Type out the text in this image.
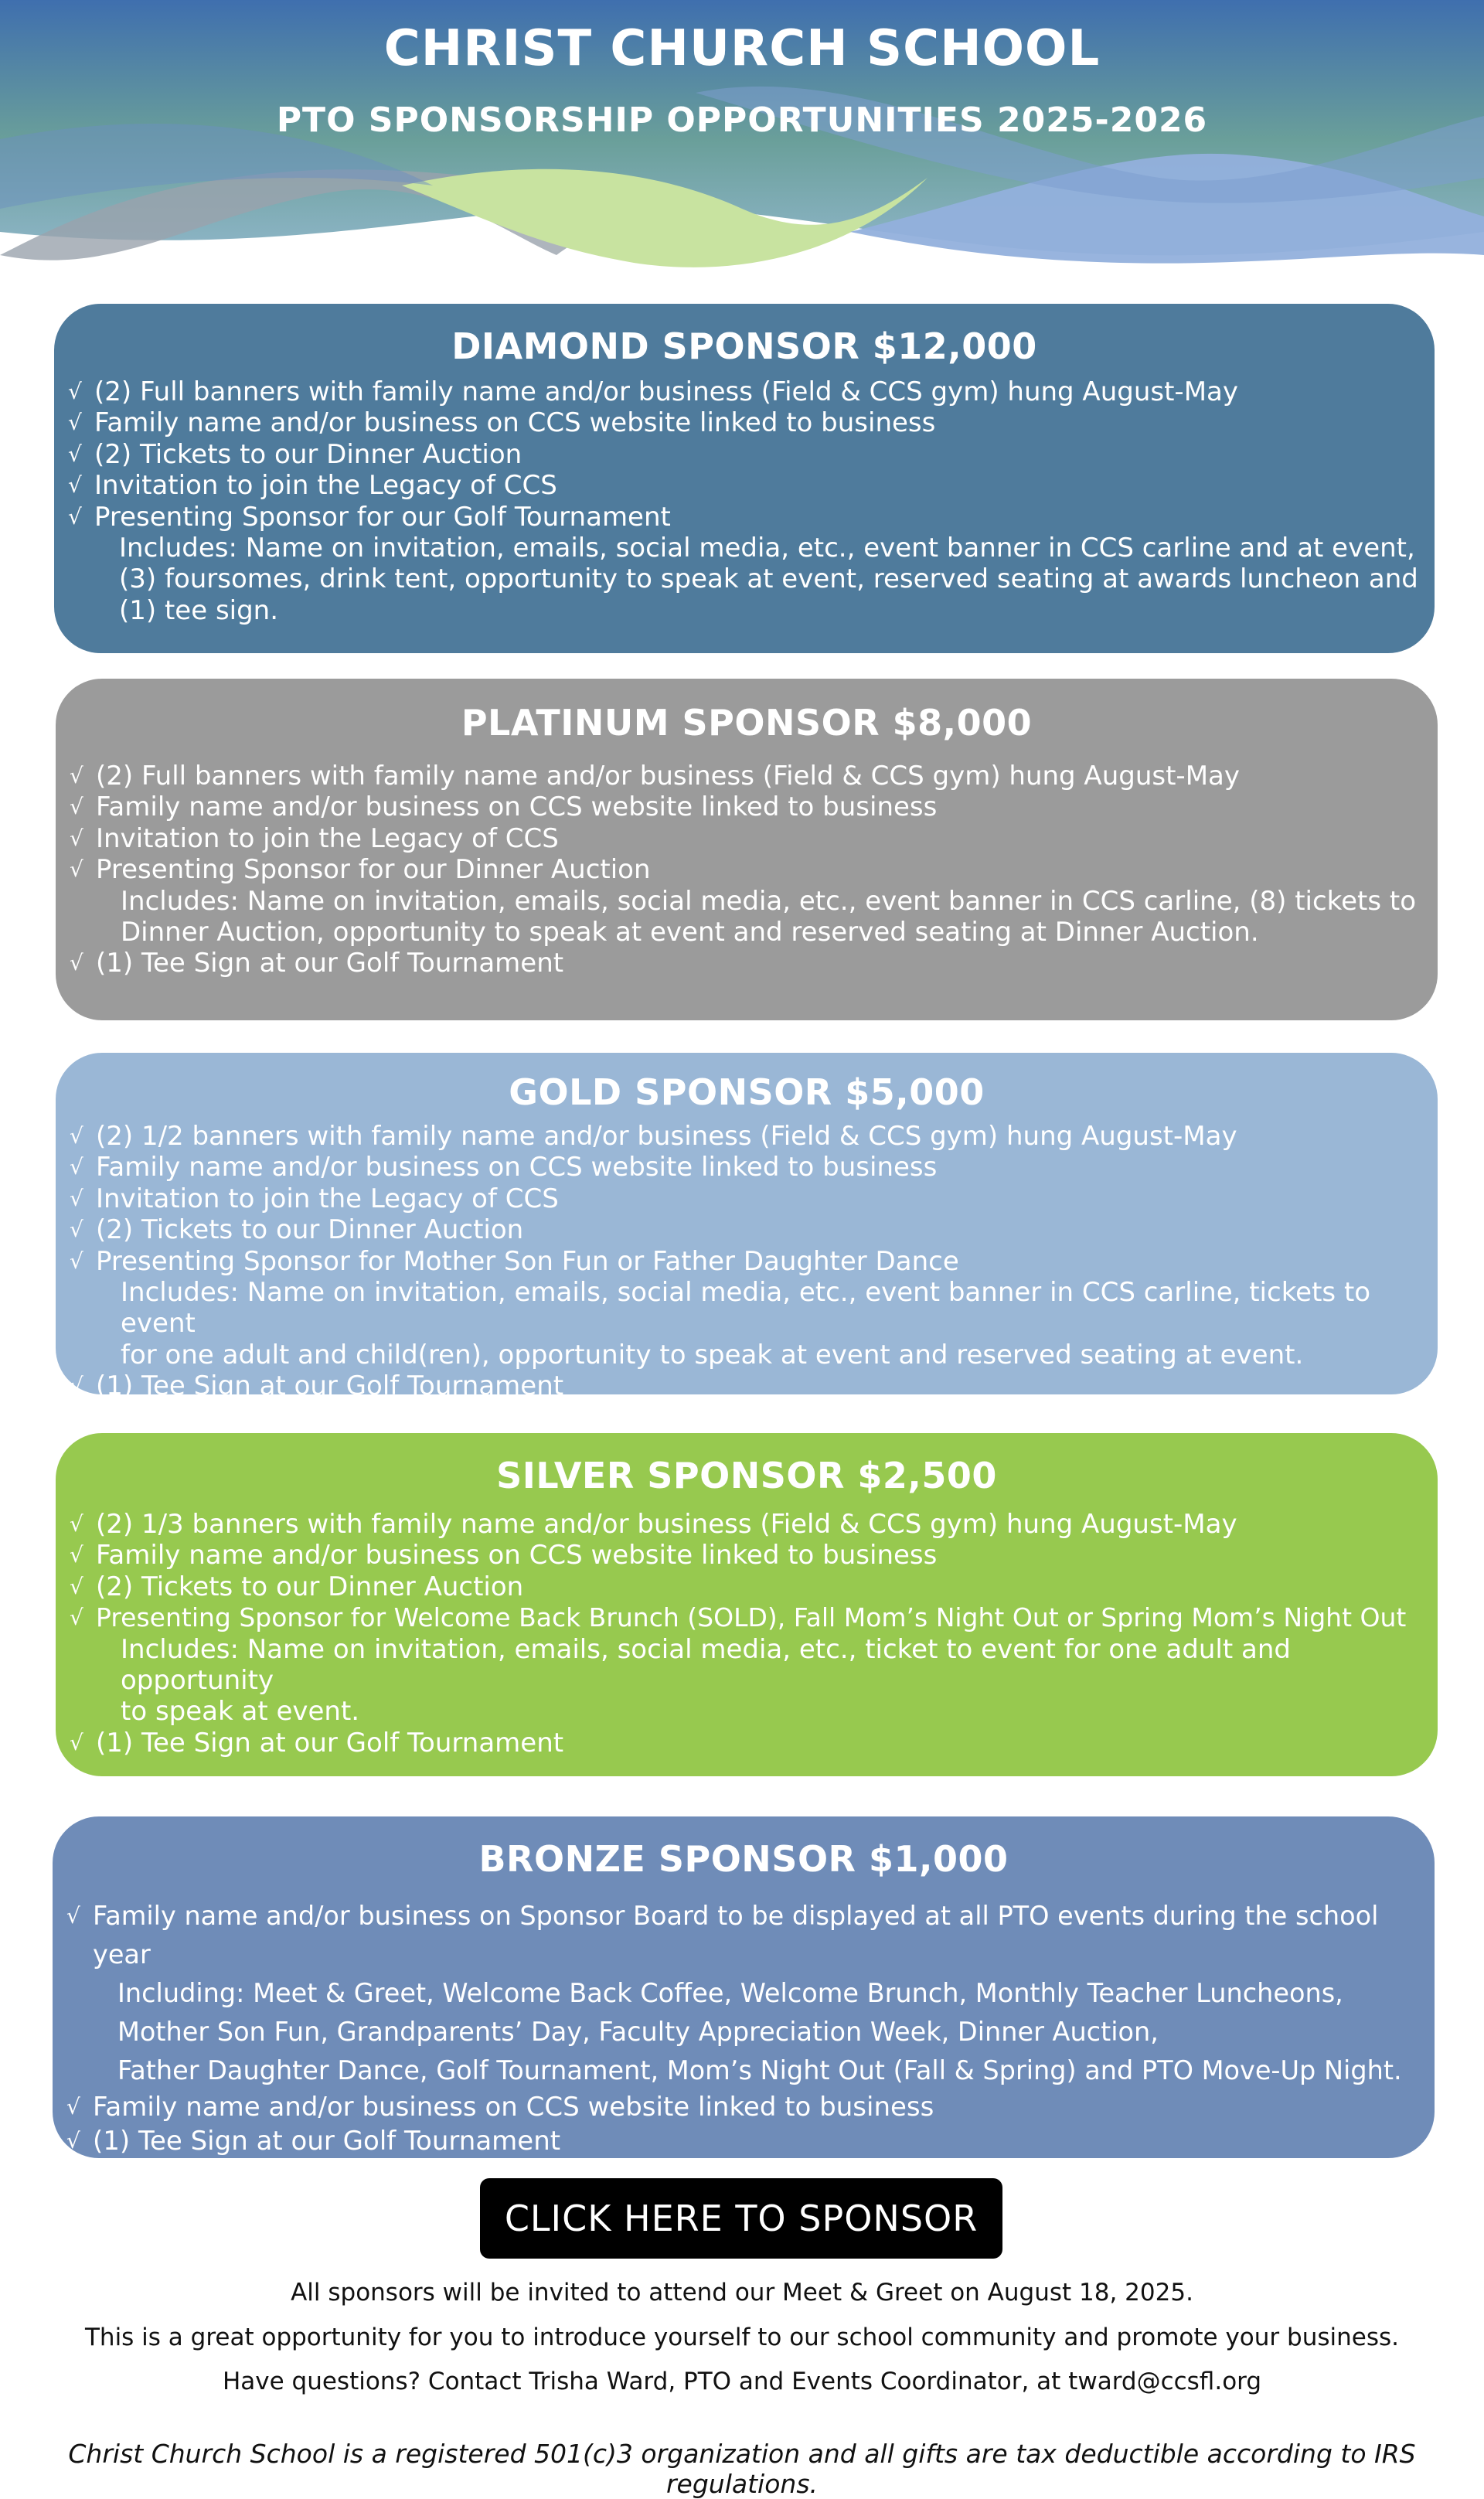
CHRIST CHURCH SCHOOL
PTO SPONSORSHIP OPPORTUNITIES 2025-2026
DIAMOND SPONSOR $12,000
√ (2) Full banners with family name and/or business (Field & CCS gym) hung August-May
√ Family name and/or business on CCS website linked to business
√ (2) Tickets to our Dinner Auction
√ Invitation to join the Legacy of CCS
√ Presenting Sponsor for our Golf Tournament
Includes: Name on invitation, emails, social media, etc., event banner in CCS carline and at event,
(3) foursomes, drink tent, opportunity to speak at event, reserved seating at awards luncheon and
(1) tee sign.
PLATINUM SPONSOR $8,000
√ (2) Full banners with family name and/or business (Field & CCS gym) hung August-May
√ Family name and/or business on CCS website linked to business
√ Invitation to join the Legacy of CCS
√ Presenting Sponsor for our Dinner Auction
Includes: Name on invitation, emails, social media, etc., event banner in CCS carline, (8) tickets to
Dinner Auction, opportunity to speak at event and reserved seating at Dinner Auction.
√ (1) Tee Sign at our Golf Tournament
GOLD SPONSOR $5,000
√ (2) 1/2 banners with family name and/or business (Field & CCS gym) hung August-May
√ Family name and/or business on CCS website linked to business
√ Invitation to join the Legacy of CCS
√ (2) Tickets to our Dinner Auction
√ Presenting Sponsor for Mother Son Fun or Father Daughter Dance
Includes: Name on invitation, emails, social media, etc., event banner in CCS carline, tickets to event
for one adult and child(ren), opportunity to speak at event and reserved seating at event.
√ (1) Tee Sign at our Golf Tournament
SILVER SPONSOR $2,500
√ (2) 1/3 banners with family name and/or business (Field & CCS gym) hung August-May
√ Family name and/or business on CCS website linked to business
√ (2) Tickets to our Dinner Auction
√ Presenting Sponsor for Welcome Back Brunch (SOLD), Fall Mom’s Night Out or Spring Mom’s Night Out
Includes: Name on invitation, emails, social media, etc., ticket to event for one adult and opportunity
to speak at event.
√ (1) Tee Sign at our Golf Tournament
BRONZE SPONSOR $1,000
√ Family name and/or business on Sponsor Board to be displayed at all PTO events during the school year
Including: Meet & Greet, Welcome Back Coffee, Welcome Brunch, Monthly Teacher Luncheons,
Mother Son Fun, Grandparents’ Day, Faculty Appreciation Week, Dinner Auction,
Father Daughter Dance, Golf Tournament, Mom’s Night Out (Fall & Spring) and PTO Move-Up Night.
√ Family name and/or business on CCS website linked to business
√ (1) Tee Sign at our Golf Tournament
CLICK HERE TO SPONSOR
All sponsors will be invited to attend our Meet & Greet on August 18, 2025.
This is a great opportunity for you to introduce yourself to our school community and promote your business.
Have questions? Contact Trisha Ward, PTO and Events Coordinator, at tward@ccsfl.org
Christ Church School is a registered 501(c)3 organization and all gifts are tax deductible according to IRS regulations.
